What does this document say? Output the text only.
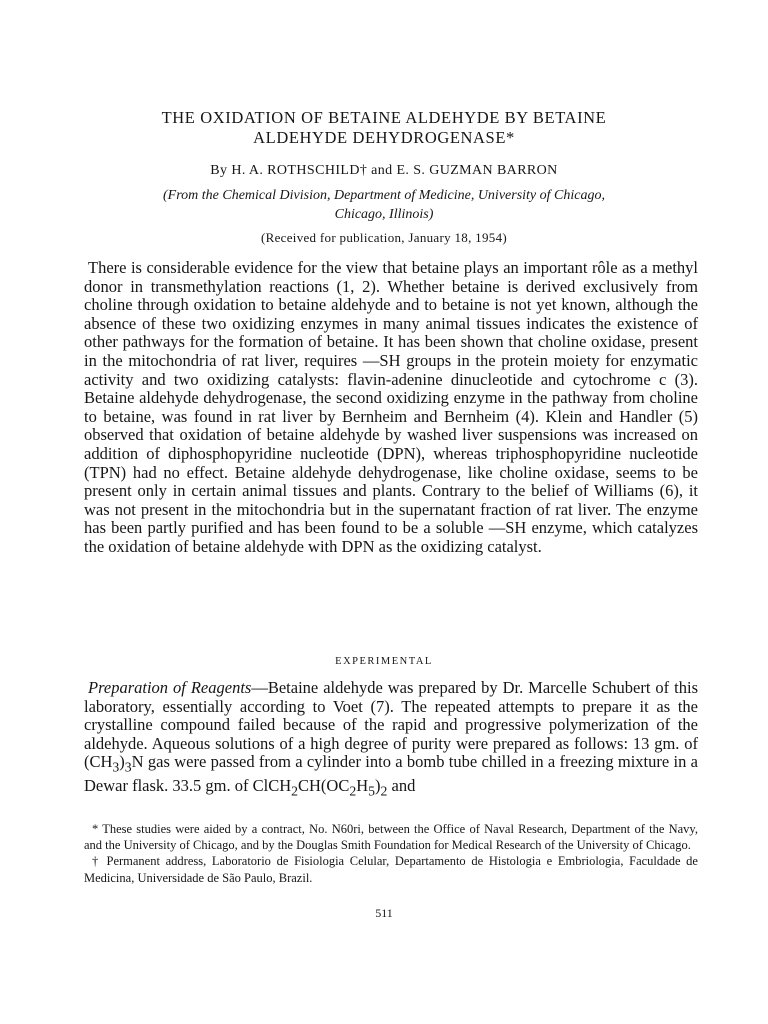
THE OXIDATION OF BETAINE ALDEHYDE BY BETAINE
ALDEHYDE DEHYDROGENASE*
By H. A. ROTHSCHILD† and E. S. GUZMAN BARRON
(From the Chemical Division, Department of Medicine, University of Chicago,
Chicago, Illinois)
(Received for publication, January 18, 1954)

There is considerable evidence for the view that betaine plays an important rôle as a methyl donor in transmethylation reactions (1, 2). Whether betaine is derived exclusively from choline through oxidation to betaine aldehyde and to betaine is not yet known, although the absence of these two oxidizing enzymes in many animal tissues indicates the existence of other pathways for the formation of betaine. It has been shown that choline oxidase, present in the mitochondria of rat liver, requires —SH groups in the protein moiety for enzymatic activity and two oxidizing catalysts: flavin-adenine dinucleotide and cytochrome c (3). Betaine aldehyde dehydrogenase, the second oxidizing enzyme in the pathway from choline to betaine, was found in rat liver by Bernheim and Bernheim (4). Klein and Handler (5) observed that oxidation of betaine aldehyde by washed liver suspensions was increased on addition of diphosphopyridine nucleotide (DPN), whereas triphosphopyridine nucleotide (TPN) had no effect. Betaine aldehyde dehydrogenase, like choline oxidase, seems to be present only in certain animal tissues and plants. Contrary to the belief of Williams (6), it was not present in the mitochondria but in the supernatant fraction of rat liver. The enzyme has been partly purified and has been found to be a soluble —SH enzyme, which catalyzes the oxidation of betaine aldehyde with DPN as the oxidizing catalyst.

EXPERIMENTAL

Preparation of Reagents—Betaine aldehyde was prepared by Dr. Marcelle Schubert of this laboratory, essentially according to Voet (7). The repeated attempts to prepare it as the crystalline compound failed because of the rapid and progressive polymerization of the aldehyde. Aqueous solutions of a high degree of purity were prepared as follows: 13 gm. of $(CH_3)_3N$ gas were passed from a cylinder into a bomb tube chilled in a freezing mixture in a Dewar flask. 33.5 gm. of $ClCH_2CH(OC_2H_5)_2$ and

* These studies were aided by a contract, No. N60ri, between the Office of Naval Research, Department of the Navy, and the University of Chicago, and by the Douglas Smith Foundation for Medical Research of the University of Chicago.

† Permanent address, Laboratorio de Fisiologia Celular, Departamento de Histologia e Embriologia, Faculdade de Medicina, Universidade de São Paulo, Brazil.

511
